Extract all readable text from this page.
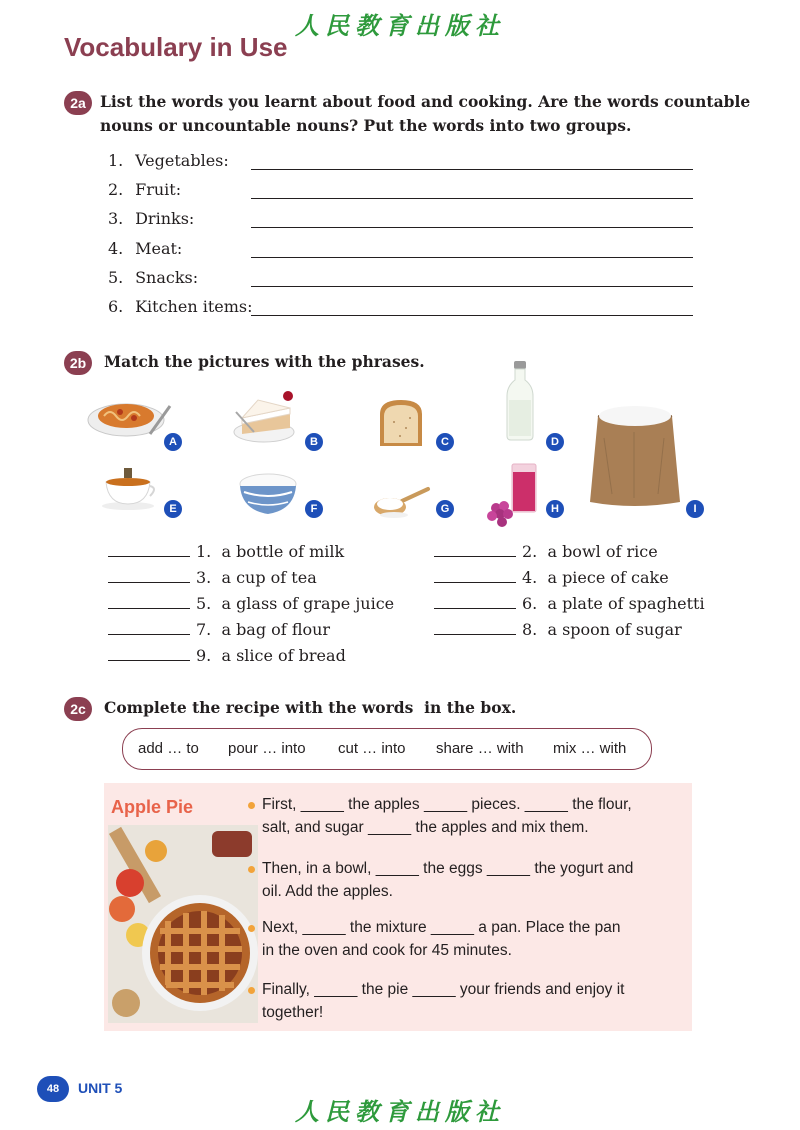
人民教育出版社
Vocabulary in Use
2a List the words you learnt about food and cooking. Are the words countable
nouns or uncountable nouns? Put the words into two groups.
1. Vegetables:
2. Fruit:
3. Drinks:
4. Meat:
5. Snacks:
6. Kitchen items:
2b	Match the pictures with the phrases.
A	B	C	D
E	F	G	H	I
1. a bottle of milk	2. a bowl of rice
3. a cup of tea	4. a piece of cake
5. a glass of grape juice	6. a plate of spaghetti
7. a bag of flour	8. a spoon of sugar
9. a slice of bread
2c	Complete the recipe with the words  in the box.
add … to pour … into cut … into share … with mix … with
Apple Pie	First, _____ the apples _____ pieces. _____ the flour,
salt, and sugar _____ the apples and mix them.
Then, in a bowl, _____ the eggs _____ the yogurt and
oil. Add the apples.
Next, _____ the mixture _____ a pan. Place the pan
in the oven and cook for 45 minutes.
Finally, _____ the pie _____ your friends and enjoy it
together!
48	UNIT 5
人民教育出版社
